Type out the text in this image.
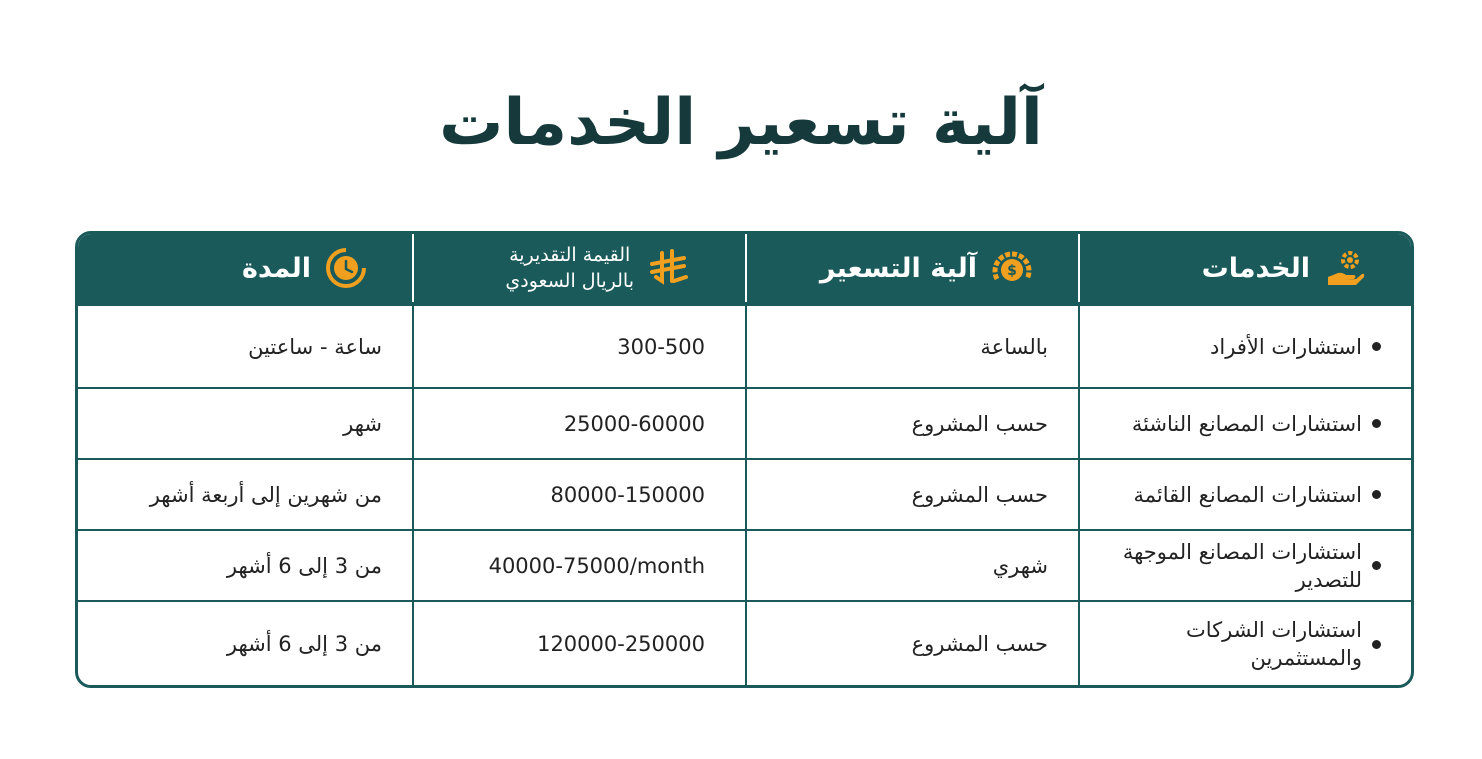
آلية تسعير الخدمات
الخدمات
$
آلية التسعير
القيمة التقديرية
بالريال السعودي
المدة
استشارات الأفراد
بالساعة
300-500
ساعة - ساعتين
استشارات المصانع الناشئة
حسب المشروع
25000-60000
شهر
استشارات المصانع القائمة
حسب المشروع
80000-150000
من شهرين إلى أربعة أشهر
استشارات المصانع الموجهة للتصدير
شهري
40000-75000/month
من 3 إلى 6 أشهر
استشارات الشركات والمستثمرين
حسب المشروع
120000-250000
من 3 إلى 6 أشهر
